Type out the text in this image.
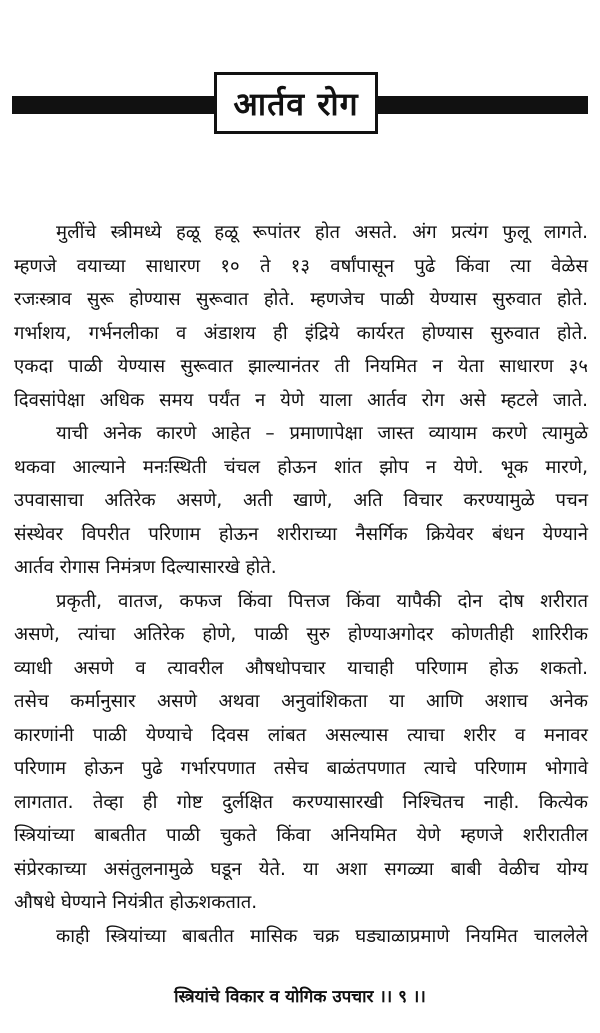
आर्तव रोग

मुलींचे स्त्रीमध्ये हळू हळू रूपांतर होत असते. अंग प्रत्यंग फुलू लागते.
म्हणजे वयाच्या साधारण १० ते १३ वर्षांपासून पुढे किंवा त्या वेळेस
रजःस्त्राव सुरू होण्यास सुरूवात होते. म्हणजेच पाळी येण्यास सुरुवात होते.
गर्भाशय, गर्भनलीका व अंडाशय ही इंद्रिये कार्यरत होण्यास सुरुवात होते.
एकदा पाळी येण्यास सुरूवात झाल्यानंतर ती नियमित न येता साधारण ३५
दिवसांपेक्षा अधिक समय पर्यंत न येणे याला आर्तव रोग असे म्हटले जाते.

याची अनेक कारणे आहेत – प्रमाणापेक्षा जास्त व्यायाम करणे त्यामुळे
थकवा आल्याने मनःस्थिती चंचल होऊन शांत झोप न येणे. भूक मारणे,
उपवासाचा अतिरेक असणे, अती खाणे, अति विचार करण्यामुळे पचन
संस्थेवर विपरीत परिणाम होऊन शरीराच्या नैसर्गिक क्रियेवर बंधन येण्याने
आर्तव रोगास निमंत्रण दिल्यासारखे होते.

प्रकृती, वातज, कफज किंवा पित्तज किंवा यापैकी दोन दोष शरीरात
असणे, त्यांचा अतिरेक होणे, पाळी सुरु होण्याअगोदर कोणतीही शारिरीक
व्याधी असणे व त्यावरील औषधोपचार याचाही परिणाम होऊ शकतो.
तसेच कर्मानुसार असणे अथवा अनुवांशिकता या आणि अशाच अनेक
कारणांनी पाळी येण्याचे दिवस लांबत असल्यास त्याचा शरीर व मनावर
परिणाम होऊन पुढे गर्भारपणात तसेच बाळंतपणात त्याचे परिणाम भोगावे
लागतात. तेव्हा ही गोष्ट दुर्लक्षित करण्यासारखी निश्चितच नाही. कित्येक
स्त्रियांच्या बाबतीत पाळी चुकते किंवा अनियमित येणे म्हणजे शरीरातील
संप्रेरकाच्या असंतुलनामुळे घडून येते. या अशा सगळ्या बाबी वेळीच योग्य
औषधे घेण्याने नियंत्रीत होऊशकतात.

काही स्त्रियांच्या बाबतीत मासिक चक्र घड्याळाप्रमाणे नियमित चाललेले

स्त्रियांचे विकार व योगिक उपचार ।। ९ ।।
